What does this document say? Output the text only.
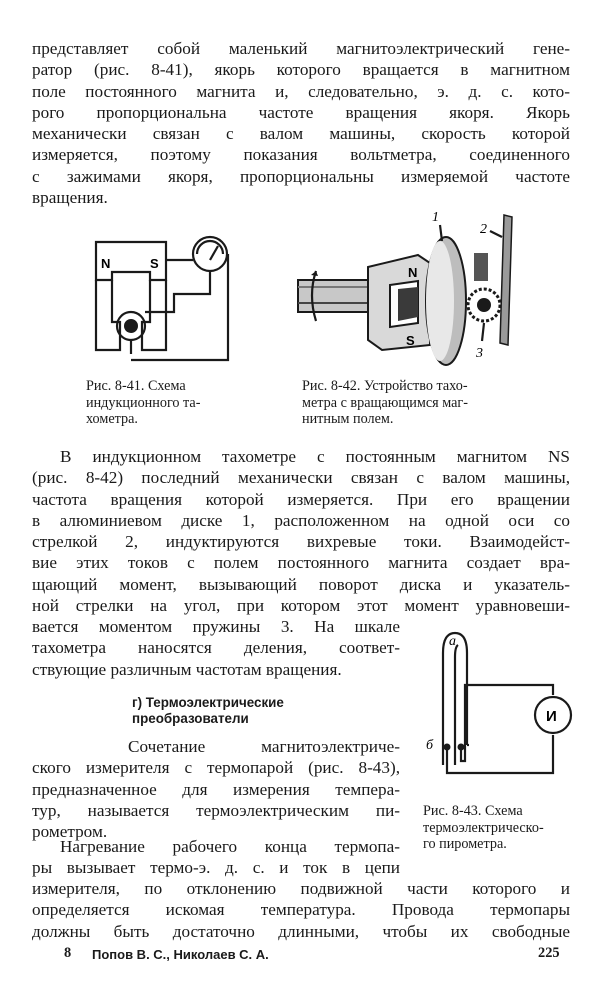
представляет собой маленький магнитоэлектрический гене-
ратор (рис. 8-41), якорь которого вращается в магнитном
поле постоянного магнита и, следовательно, э. д. с. кото-
рого пропорциональна частоте вращения якоря. Якорь
механически связан с валом машины, скорость которой
измеряется, поэтому показания вольтметра, соединенного
с зажимами якоря, пропорциональны измеряемой частоте
вращения.
N	S
Рис. 8-41. Схема
индукционного та-
хометра.
N
S
1
2
3
Рис. 8-42. Устройство тахо-
метра с вращающимся маг-
нитным полем.
В индукционном тахометре с постоянным магнитом NS
(рис. 8-42) последний механически связан с валом машины,
частота вращения которой измеряется. При его вращении
в алюминиевом диске 1, расположенном на одной оси со
стрелкой 2, индуктируются вихревые токи. Взаимодейст-
вие этих токов с полем постоянного магнита создает вра-
щающий момент, вызывающий поворот диска и указатель-
ной стрелки на угол, при котором этот момент уравновеши-
вается моментом пружины 3. На шкале
тахометра наносятся деления, соответ-
ствующие различным частотам вращения.
г) Термоэлектрические
преобразователи
а
б
И
Рис. 8-43. Схема
термоэлектрическо-
го пирометра.
Сочетание магнитоэлектриче-
ского измерителя с термопарой (рис. 8-43),
предназначенное для измерения темпера-
тур, называется термоэлектрическим пи-
рометром.
Нагревание рабочего конца термопа-
ры вызывает термо-э. д. с. и ток в цепи
измерителя, по отклонению подвижной части которого и
определяется искомая температура. Провода термопары
должны быть достаточно длинными, чтобы их свободные
8 Попов В. С., Николаев С. А.	225
